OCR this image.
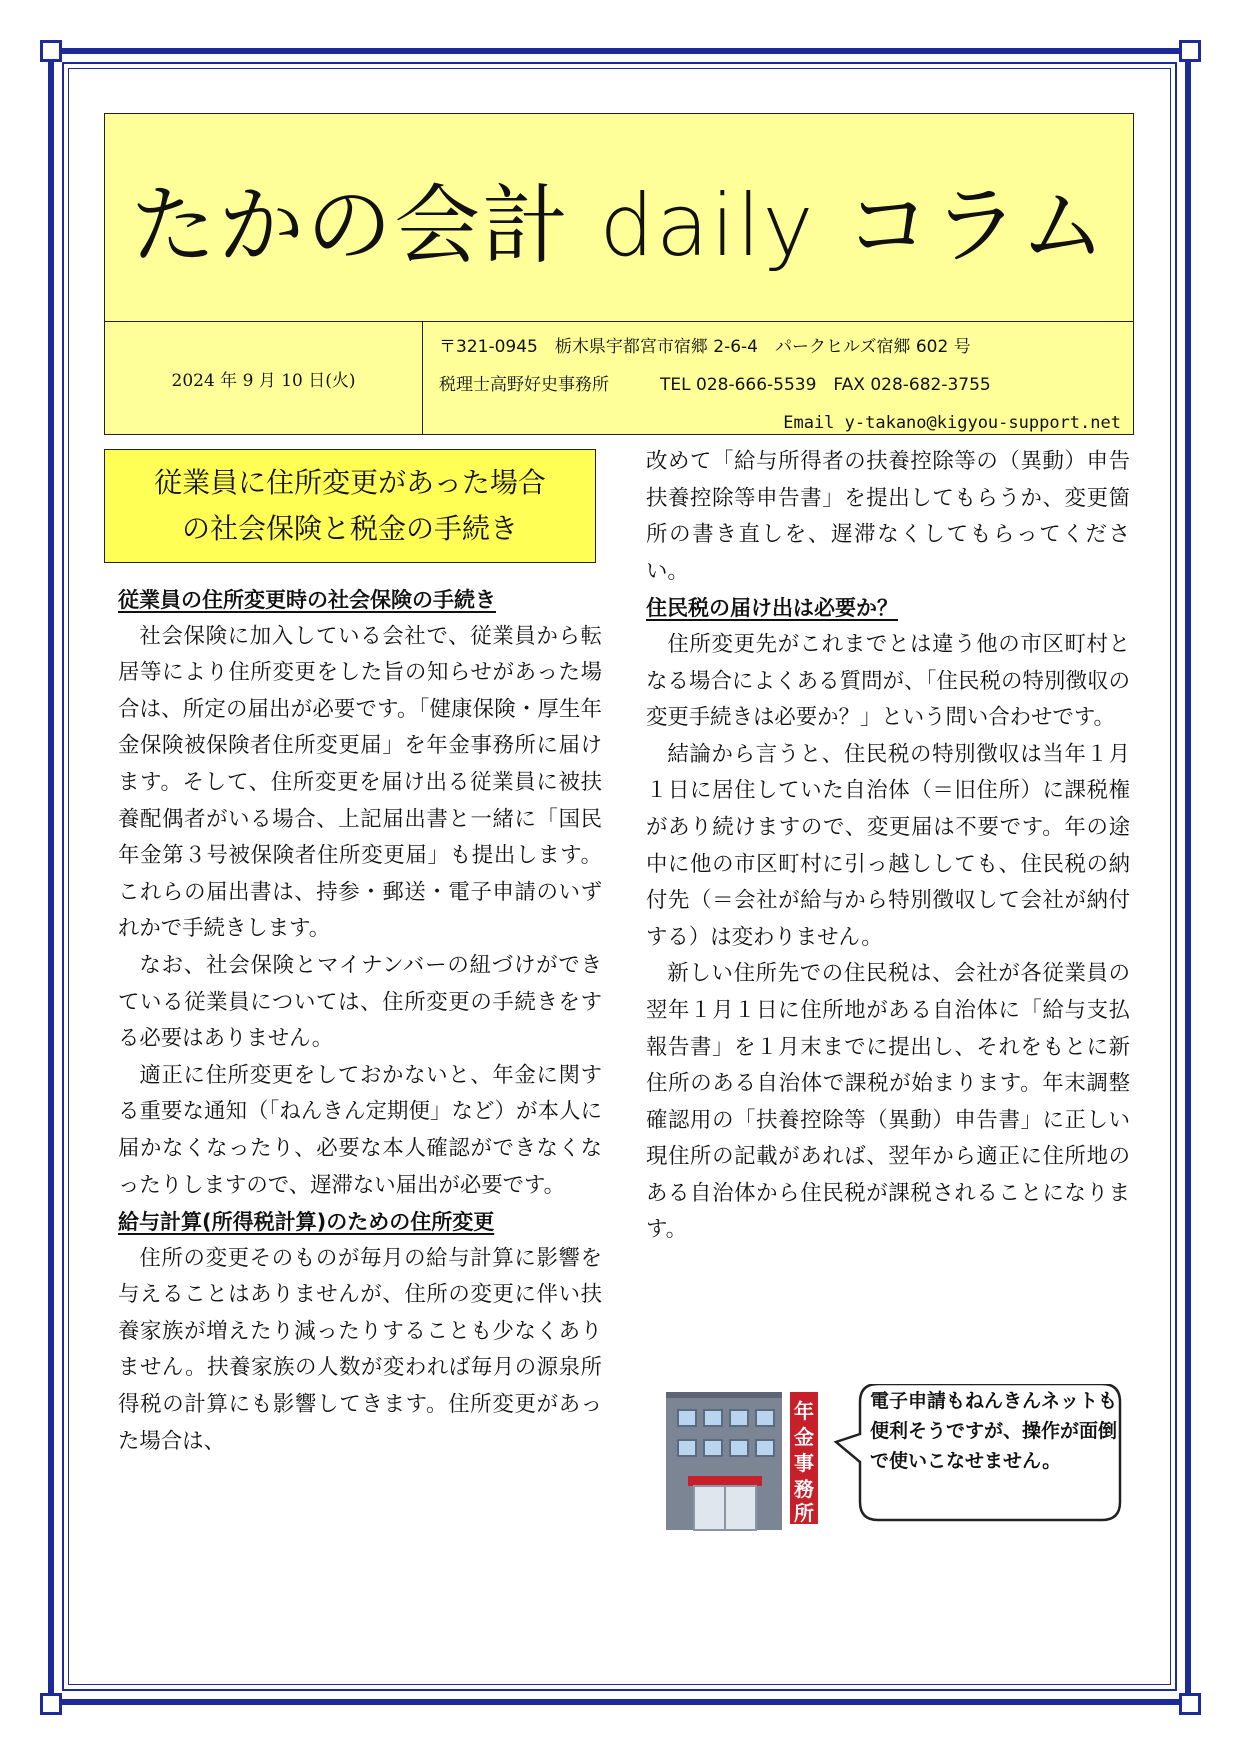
たかの会計 daily コラム
2024 年 9 月 10 日(火)
〒321-0945　栃木県宇都宮市宿郷 2-6-4　パークヒルズ宿郷 602 号
税理士高野好史事務所　　　TEL 028-666-5539　FAX 028-682-3755
Email y-takano@kigyou-support.net
従業員に住所変更があった場合
の社会保険と税金の手続き
従業員の住所変更時の社会保険の手続き

社会保険に加入している会社で、従業員から転居等により住所変更をした旨の知らせがあった場合は、所定の届出が必要です。「健康保険・厚生年金保険被保険者住所変更届」を年金事務所に届けます。そして、住所変更を届け出る従業員に被扶養配偶者がいる場合、上記届出書と一緒に「国民年金第３号被保険者住所変更届」も提出します。これらの届出書は、持参・郵送・電子申請のいずれかで手続きします。

なお、社会保険とマイナンバーの紐づけができている従業員については、住所変更の手続きをする必要はありません。

適正に住所変更をしておかないと、年金に関する重要な通知（「ねんきん定期便」など）が本人に届かなくなったり、必要な本人確認ができなくなったりしますので、遅滞ない届出が必要です。

給与計算(所得税計算)のための住所変更

住所の変更そのものが毎月の給与計算に影響を与えることはありませんが、住所の変更に伴い扶養家族が増えたり減ったりすることも少なくありません。扶養家族の人数が変われば毎月の源泉所得税の計算にも影響してきます。住所変更があった場合は、

改めて「給与所得者の扶養控除等の（異動）申告扶養控除等申告書」を提出してもらうか、変更箇所の書き直しを、遅滞なくしてもらってください。

住民税の届け出は必要か？

住所変更先がこれまでとは違う他の市区町村となる場合によくある質問が、「住民税の特別徴収の変更手続きは必要か？」という問い合わせです。

結論から言うと、住民税の特別徴収は当年１月１日に居住していた自治体（＝旧住所）に課税権があり続けますので、変更届は不要です。年の途中に他の市区町村に引っ越ししても、住民税の納付先（＝会社が給与から特別徴収して会社が納付する）は変わりません。

新しい住所先での住民税は、会社が各従業員の翌年１月１日に住所地がある自治体に「給与支払報告書」を１月末までに提出し、それをもとに新住所のある自治体で課税が始まります。年末調整確認用の「扶養控除等（異動）申告書」に正しい現住所の記載があれば、翌年から適正に住所地のある自治体から住民税が課税されることになります。

年
金
事
務
所
電子申請もねんきんネットも便利そうですが、操作が面倒で使いこなせません。
